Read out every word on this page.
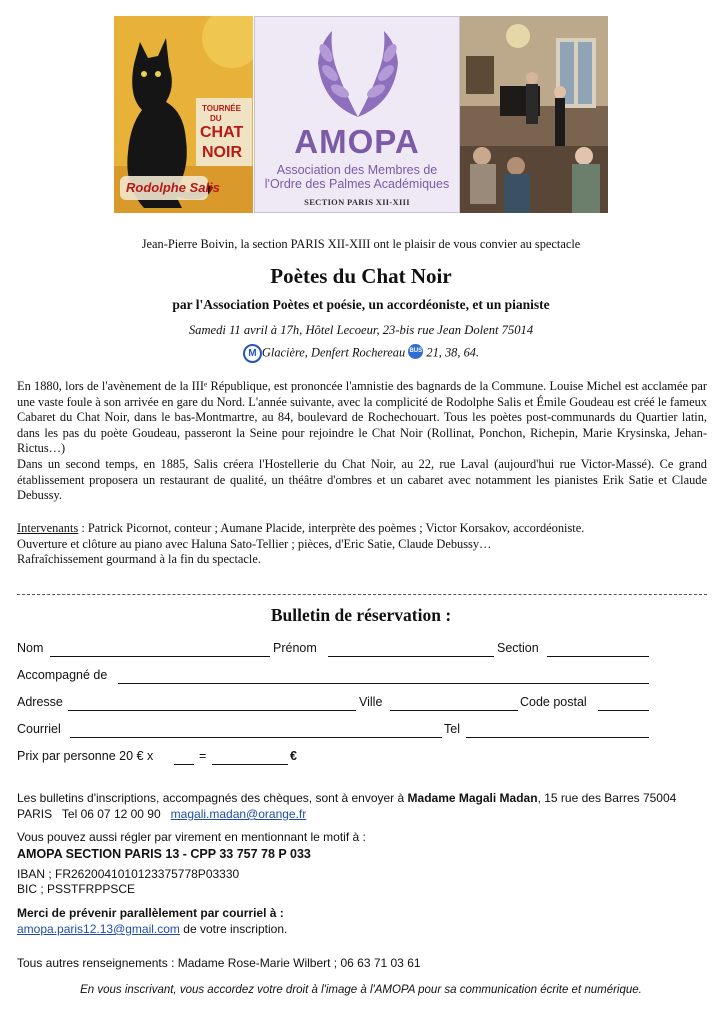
TOURNÉE
DU
CHAT
NOIR
Rodolphe Salis
AMOPA
Association des Membres de
l'Ordre des Palmes Académiques
SECTION PARIS XII-XIII
Jean-Pierre Boivin, la section PARIS XII-XIII ont le plaisir de vous convier au spectacle
Poètes du Chat Noir
par l'Association Poètes et poésie, un accordéoniste, et un pianiste
Samedi 11 avril à 17h, Hôtel Lecoeur, 23-bis rue Jean Dolent 75014
M Glacière, Denfert Rochereau BUS 21, 38, 64.

En 1880, lors de l'avènement de la IIIᵉ République, est prononcée l'amnistie des bagnards de la Commune. Louise Michel est acclamée par une vaste foule à son arrivée en gare du Nord. L'année suivante, avec la complicité de Rodolphe Salis et Émile Goudeau est créé le fameux Cabaret du Chat Noir, dans le bas-Montmartre, au 84, boulevard de Rochechouart. Tous les poètes post-communards du Quartier latin, dans les pas du poète Goudeau, passeront la Seine pour rejoindre le Chat Noir (Rollinat, Ponchon, Richepin, Marie Krysinska, Jehan-Rictus…)

Dans un second temps, en 1885, Salis créera l'Hostellerie du Chat Noir, au 22, rue Laval (aujourd'hui rue Victor-Massé). Ce grand établissement proposera un restaurant de qualité, un théâtre d'ombres et un cabaret avec notamment les pianistes Erik Satie et Claude Debussy.

Intervenants : Patrick Picornot, conteur ; Aumane Placide, interprète des poèmes ; Victor Korsakov, accordéoniste.

Ouverture et clôture au piano avec Haluna Sato-Tellier ; pièces, d'Eric Satie, Claude Debussy…

Rafraîchissement gourmand à la fin du spectacle.

Bulletin de réservation :
Nom	Prénom	Section
Accompagné de
Adresse	Ville	Code postal
Courriel	Tel
Prix par personne 20 € x	=	€
Les bulletins d'inscriptions, accompagnés des chèques, sont à envoyer à Madame Magali Madan, 15 rue des Barres 75004
PARIS   Tel 06 07 12 00 90 magali.madan@orange.fr
Vous pouvez aussi régler par virement en mentionnant le motif à :
AMOPA SECTION PARIS 13 - CPP 33 757 78 P 033
IBAN ; FR2620041010123375778P03330
BIC ; PSSTFRPPSCE
Merci de prévenir parallèlement par courriel à :
amopa.paris12.13@gmail.com de votre inscription.
Tous autres renseignements : Madame Rose-Marie Wilbert ; 06 63 71 03 61
En vous inscrivant, vous accordez votre droit à l'image à l'AMOPA pour sa communication écrite et numérique.
